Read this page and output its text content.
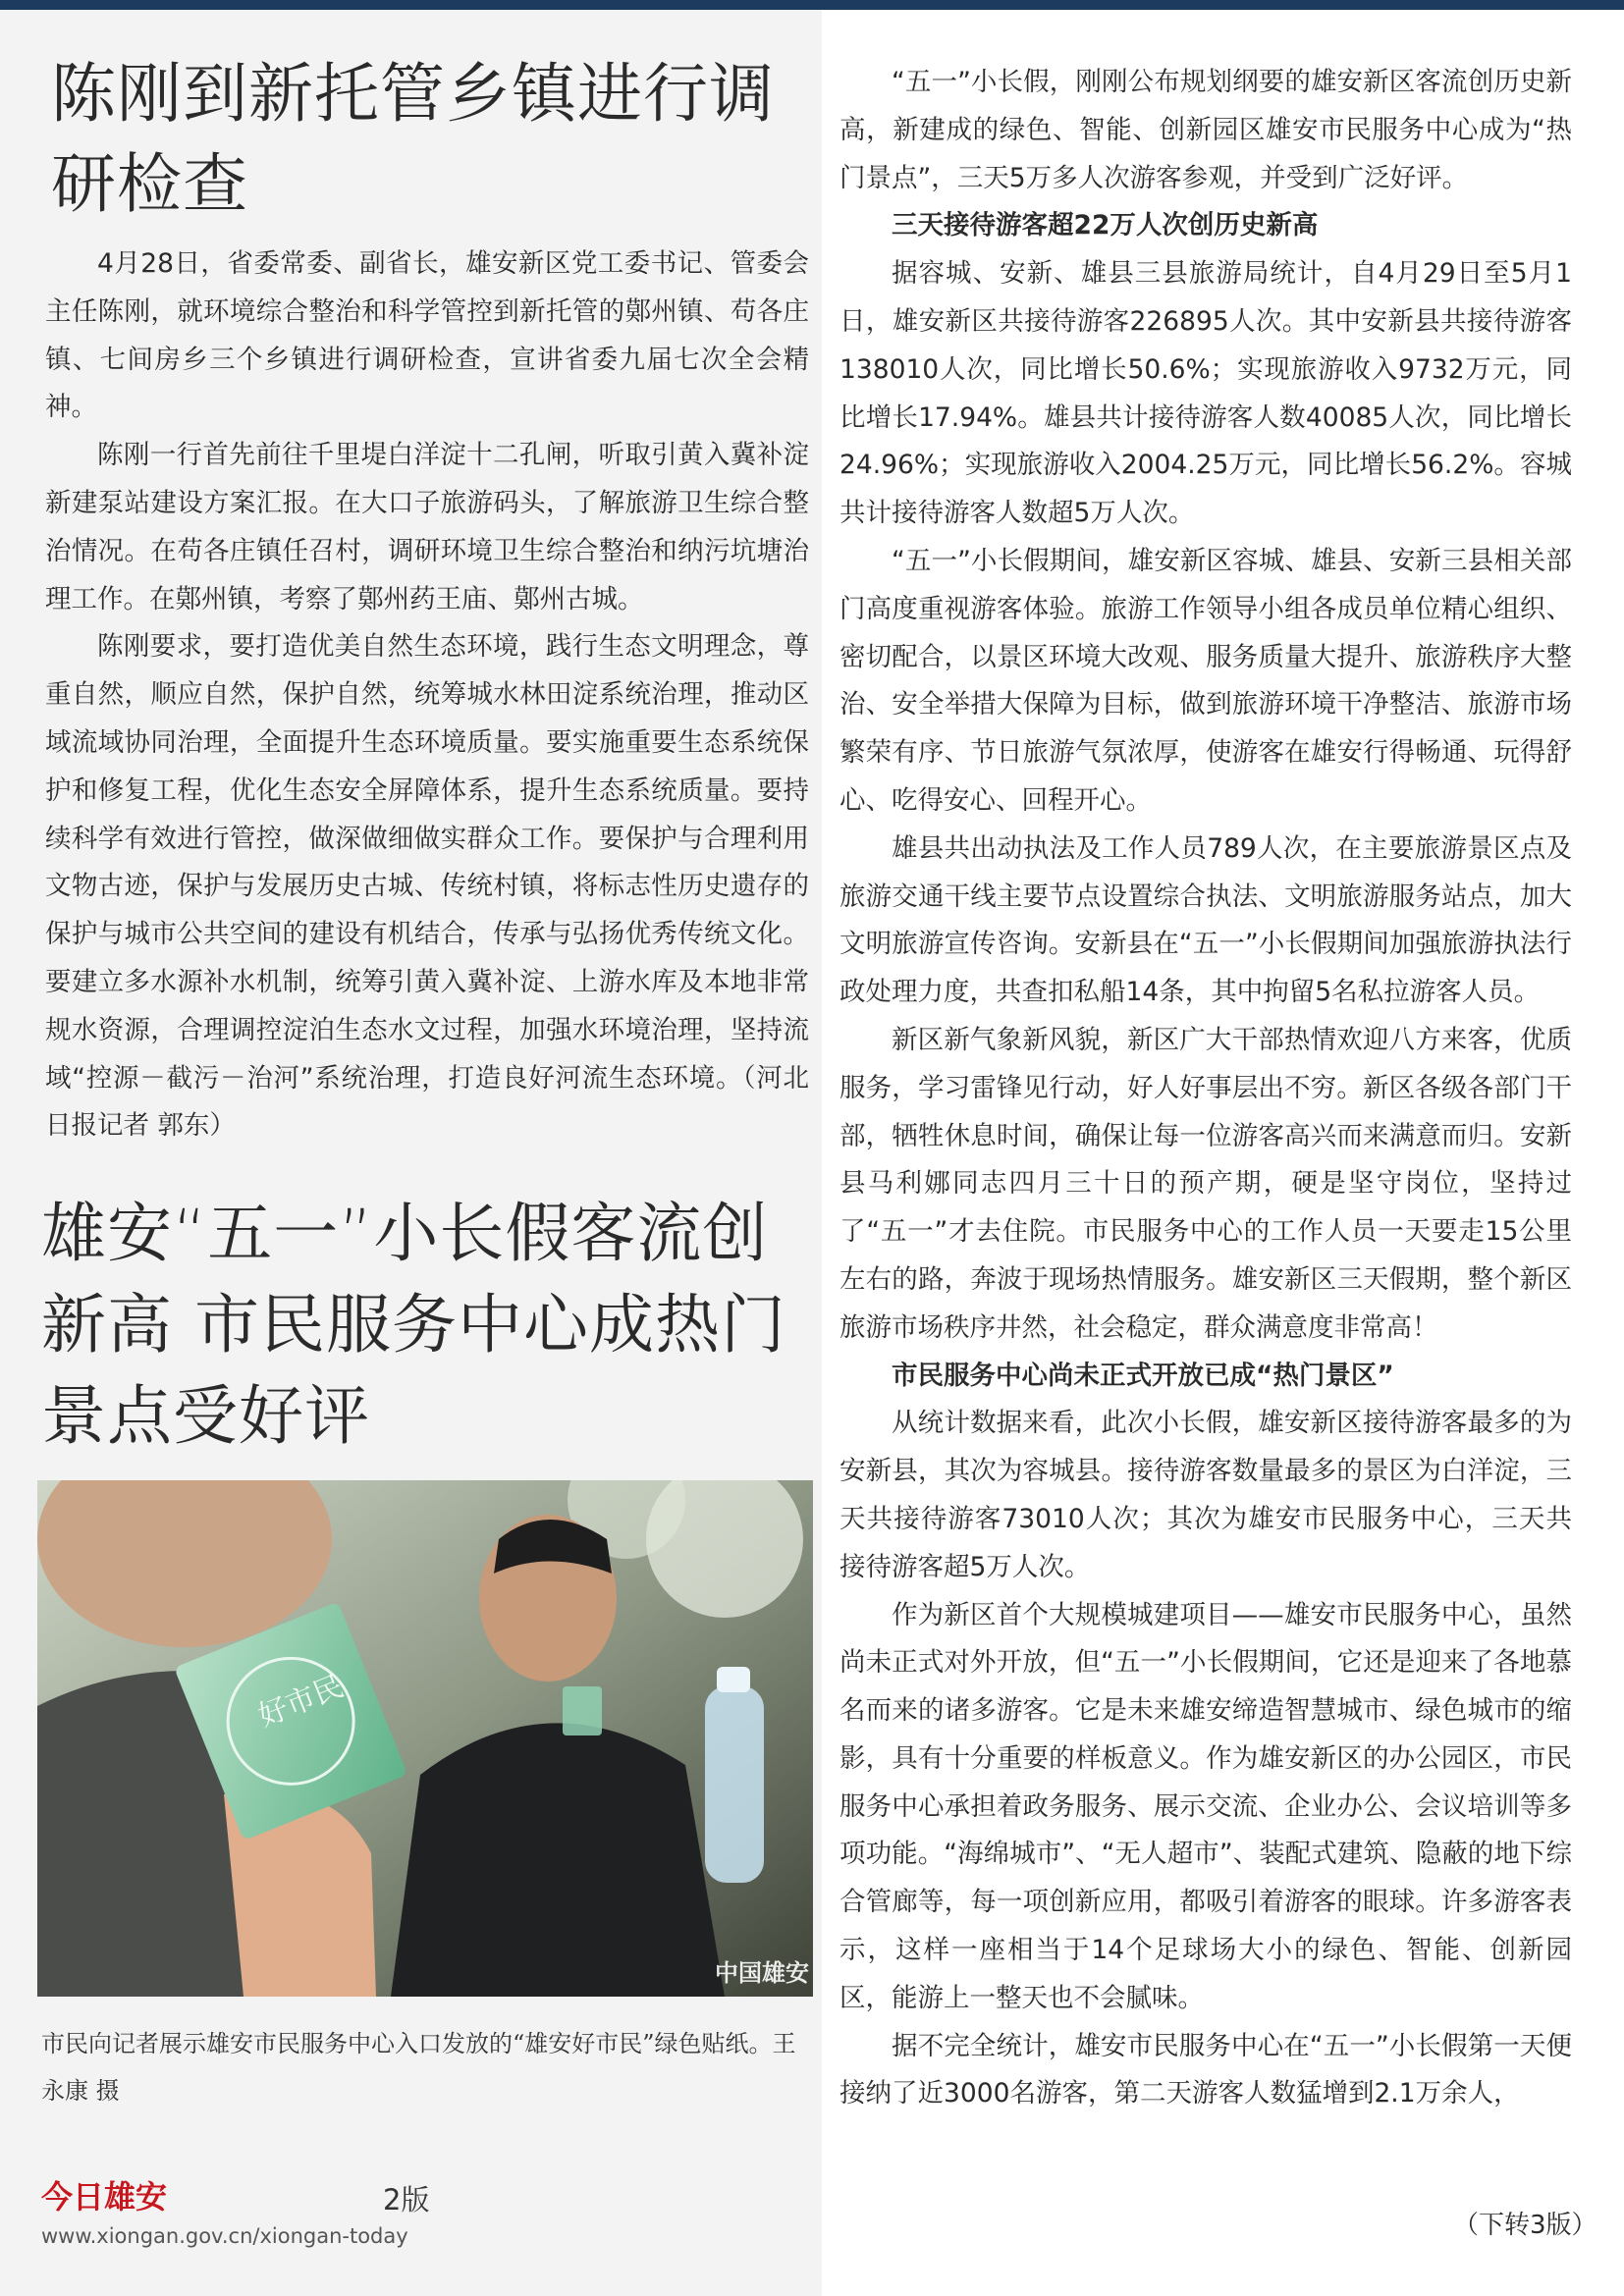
陈刚到新托管乡镇进行调研检查

4月28日，省委常委、副省长，雄安新区党工委书记、管委会主任陈刚，就环境综合整治和科学管控到新托管的鄚州镇、苟各庄镇、七间房乡三个乡镇进行调研检查，宣讲省委九届七次全会精神。

陈刚一行首先前往千里堤白洋淀十二孔闸，听取引黄入冀补淀新建泵站建设方案汇报。在大口子旅游码头，了解旅游卫生综合整治情况。在苟各庄镇任召村，调研环境卫生综合整治和纳污坑塘治理工作。在鄚州镇，考察了鄚州药王庙、鄚州古城。

陈刚要求，要打造优美自然生态环境，践行生态文明理念，尊重自然，顺应自然，保护自然，统筹城水林田淀系统治理，推动区域流域协同治理，全面提升生态环境质量。要实施重要生态系统保护和修复工程，优化生态安全屏障体系，提升生态系统质量。要持续科学有效进行管控，做深做细做实群众工作。要保护与合理利用文物古迹，保护与发展历史古城、传统村镇，将标志性历史遗存的保护与城市公共空间的建设有机结合，传承与弘扬优秀传统文化。要建立多水源补水机制，统筹引黄入冀补淀、上游水库及本地非常规水资源，合理调控淀泊生态水文过程，加强水环境治理，坚持流域“控源－截污－治河”系统治理，打造良好河流生态环境。（河北日报记者 郭东）

雄安“五一”小长假客流创新高 市民服务中心成热门景点受好评
好市民
中国雄安
市民向记者展示雄安市民服务中心入口发放的“雄安好市民”绿色贴纸。王永康 摄

“五一”小长假，刚刚公布规划纲要的雄安新区客流创历史新高，新建成的绿色、智能、创新园区雄安市民服务中心成为“热门景点”，三天5万多人次游客参观，并受到广泛好评。

三天接待游客超22万人次创历史新高

据容城、安新、雄县三县旅游局统计，自4月29日至5月1日，雄安新区共接待游客226895人次。其中安新县共接待游客138010人次，同比增长50.6%；实现旅游收入9732万元，同比增长17.94%。雄县共计接待游客人数40085人次，同比增长24.96%；实现旅游收入2004.25万元，同比增长56.2%。容城共计接待游客人数超5万人次。

“五一”小长假期间，雄安新区容城、雄县、安新三县相关部门高度重视游客体验。旅游工作领导小组各成员单位精心组织、密切配合，以景区环境大改观、服务质量大提升、旅游秩序大整治、安全举措大保障为目标，做到旅游环境干净整洁、旅游市场繁荣有序、节日旅游气氛浓厚，使游客在雄安行得畅通、玩得舒心、吃得安心、回程开心。

雄县共出动执法及工作人员789人次，在主要旅游景区点及旅游交通干线主要节点设置综合执法、文明旅游服务站点，加大文明旅游宣传咨询。安新县在“五一”小长假期间加强旅游执法行政处理力度，共查扣私船14条，其中拘留5名私拉游客人员。

新区新气象新风貌，新区广大干部热情欢迎八方来客，优质服务，学习雷锋见行动，好人好事层出不穷。新区各级各部门干部，牺牲休息时间，确保让每一位游客高兴而来满意而归。安新县马利娜同志四月三十日的预产期，硬是坚守岗位，坚持过了“五一”才去住院。市民服务中心的工作人员一天要走15公里左右的路，奔波于现场热情服务。雄安新区三天假期，整个新区旅游市场秩序井然，社会稳定，群众满意度非常高！

市民服务中心尚未正式开放已成“热门景区”

从统计数据来看，此次小长假，雄安新区接待游客最多的为安新县，其次为容城县。接待游客数量最多的景区为白洋淀，三天共接待游客73010人次；其次为雄安市民服务中心，三天共接待游客超5万人次。

作为新区首个大规模城建项目——雄安市民服务中心，虽然尚未正式对外开放，但“五一”小长假期间，它还是迎来了各地慕名而来的诸多游客。它是未来雄安缔造智慧城市、绿色城市的缩影，具有十分重要的样板意义。作为雄安新区的办公园区，市民服务中心承担着政务服务、展示交流、企业办公、会议培训等多项功能。“海绵城市”、“无人超市”、装配式建筑、隐蔽的地下综合管廊等，每一项创新应用，都吸引着游客的眼球。许多游客表示，这样一座相当于14个足球场大小的绿色、智能、创新园区，能游上一整天也不会腻味。

据不完全统计，雄安市民服务中心在“五一”小长假第一天便接纳了近3000名游客，第二天游客人数猛增到2.1万余人，

（下转3版）
今日雄安	2版
www.xiongan.gov.cn/xiongan-today
